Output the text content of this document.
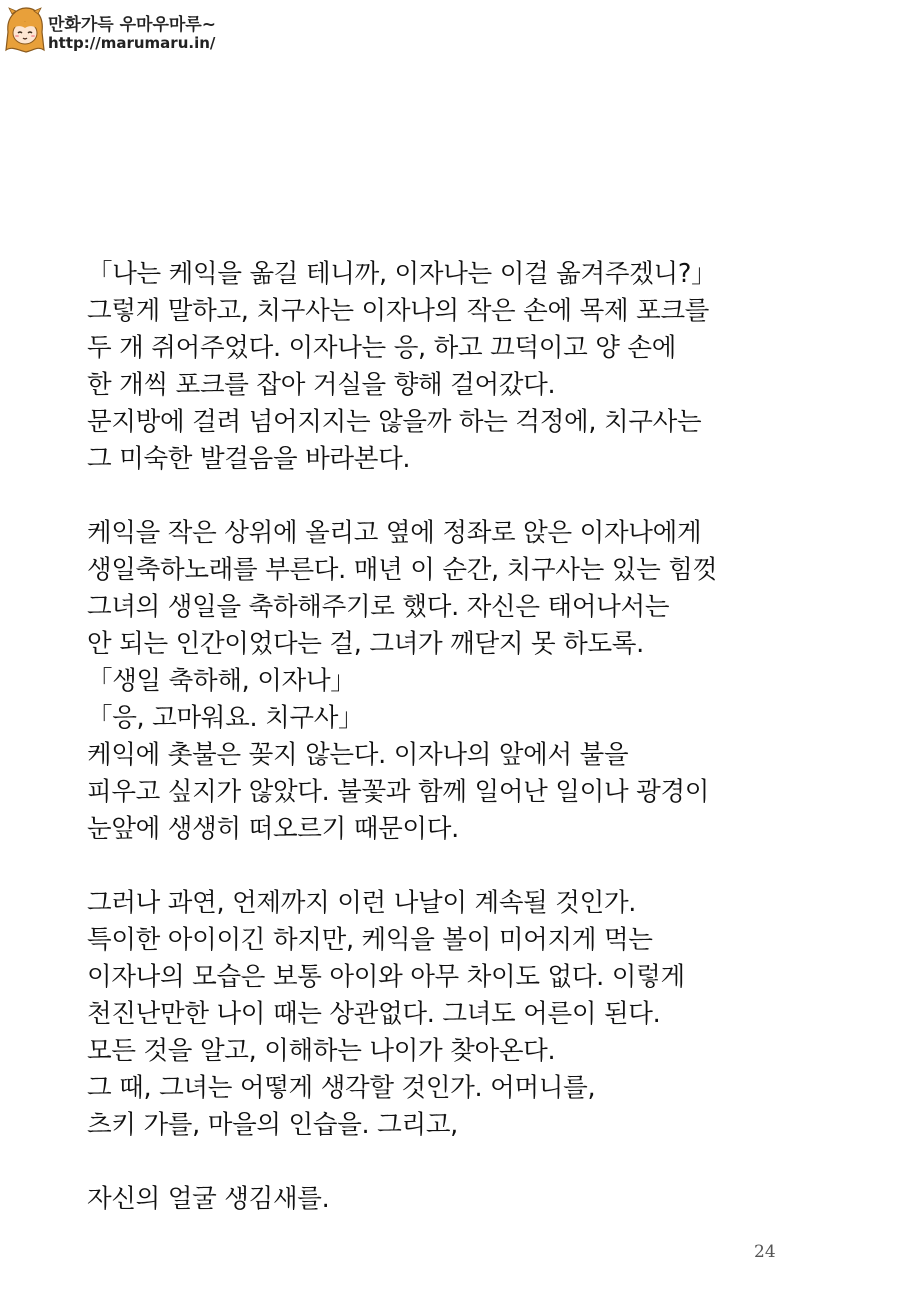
만화가득 우마우마루~
http://marumaru.in/
「나는 케익을 옮길 테니까, 이자나는 이걸 옮겨주겠니?」
그렇게 말하고, 치구사는 이자나의 작은 손에 목제 포크를
두 개 쥐어주었다. 이자나는 응, 하고 끄덕이고 양 손에
한 개씩 포크를 잡아 거실을 향해 걸어갔다.
문지방에 걸려 넘어지지는 않을까 하는 걱정에, 치구사는
그 미숙한 발걸음을 바라본다.
케익을 작은 상위에 올리고 옆에 정좌로 앉은 이자나에게
생일축하노래를 부른다. 매년 이 순간, 치구사는 있는 힘껏
그녀의 생일을 축하해주기로 했다. 자신은 태어나서는
안 되는 인간이었다는 걸, 그녀가 깨닫지 못 하도록.
「생일 축하해, 이자나」
「응, 고마워요. 치구사」
케익에 촛불은 꽂지 않는다. 이자나의 앞에서 불을
피우고 싶지가 않았다. 불꽃과 함께 일어난 일이나 광경이
눈앞에 생생히 떠오르기 때문이다.
그러나 과연, 언제까지 이런 나날이 계속될 것인가.
특이한 아이이긴 하지만, 케익을 볼이 미어지게 먹는
이자나의 모습은 보통 아이와 아무 차이도 없다. 이렇게
천진난만한 나이 때는 상관없다. 그녀도 어른이 된다.
모든 것을 알고, 이해하는 나이가 찾아온다.
그 때, 그녀는 어떻게 생각할 것인가. 어머니를,
츠키 가를, 마을의 인습을. 그리고,
자신의 얼굴 생김새를.
24
